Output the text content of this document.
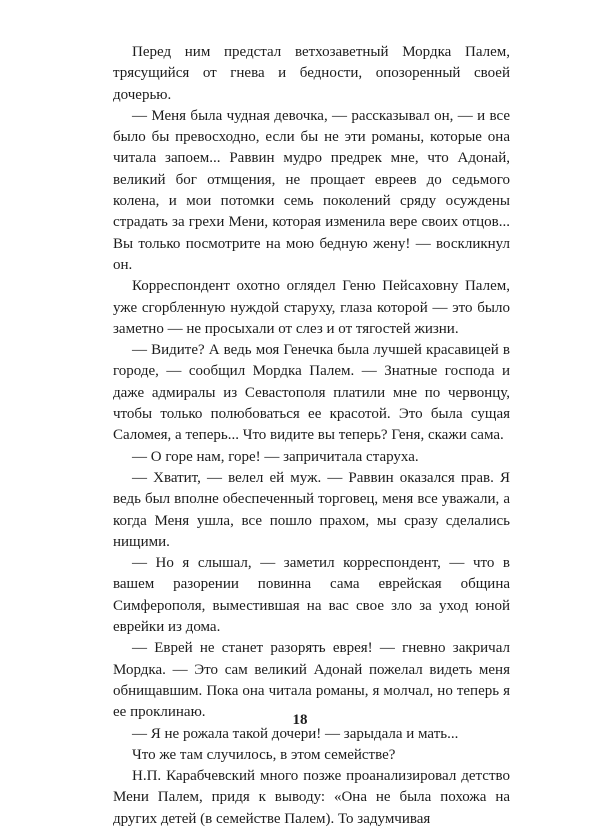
Перед ним предстал ветхозаветный Мордка Палем, трясущийся от гнева и бедности, опозоренный своей дочерью.

— Меня была чудная девочка, — рассказывал он, — и все было бы превосходно, если бы не эти романы, которые она читала запоем... Раввин мудро предрек мне, что Адонай, великий бог отмщения, не прощает евреев до седьмого колена, и мои потомки семь поколений сряду осуждены страдать за грехи Мени, которая изменила вере своих отцов... Вы только посмотрите на мою бедную жену! — воскликнул он.

Корреспондент охотно оглядел Геню Пейсаховну Палем, уже сгорбленную нуждой старуху, глаза которой — это было заметно — не просыхали от слез и от тягостей жизни.

— Видите? А ведь моя Генечка была лучшей красавицей в городе, — сообщил Мордка Палем. — Знатные господа и даже адмиралы из Севастополя платили мне по червонцу, чтобы только полюбоваться ее красотой. Это была сущая Саломея, а теперь... Что видите вы теперь? Геня, скажи сама.

— О горе нам, горе! — запричитала старуха.

— Хватит, — велел ей муж. — Раввин оказался прав. Я ведь был вполне обеспеченный торговец, меня все уважали, а когда Меня ушла, все пошло прахом, мы сразу сделались нищими.

— Но я слышал, — заметил корреспондент, — что в вашем разорении повинна сама еврейская община Симферополя, выместившая на вас свое зло за уход юной еврейки из дома.

— Еврей не станет разорять еврея! — гневно закричал Мордка. — Это сам великий Адонай пожелал видеть меня обнищавшим. Пока она читала романы, я молчал, но теперь я ее проклинаю.

— Я не рожала такой дочери! — зарыдала и мать...

Что же там случилось, в этом семействе?

Н.П. Карабчевский много позже проанализировал детство Мени Палем, придя к выводу: «Она не была похожа на других детей (в семействе Палем). То задумчивая

18
